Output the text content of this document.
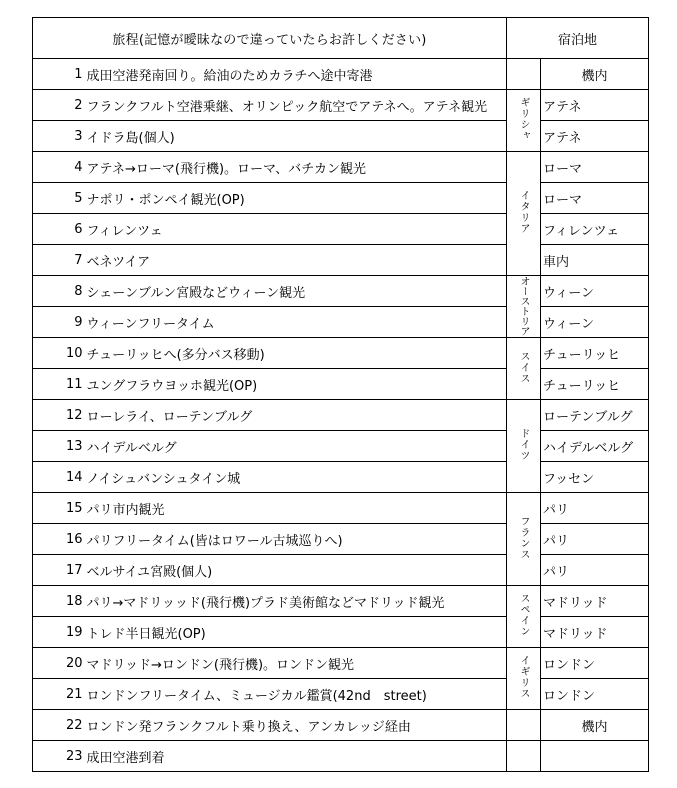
旅程(記憶が曖昧なので違っていたらお許しください)		宿泊地	
1	成田空港発南回り。給油のためカラチへ途中寄港		機内
2	フランクフルト空港乗継、オリンピック航空でアテネへ。アテネ観光	ギリシャ	アテネ
3	イドラ島(個人)		アテネ
4	アテネ→ローマ(飛行機)。ローマ、バチカン観光	イタリア	ローマ
5	ナポリ・ポンペイ観光(OP)		ローマ
6	フィレンツェ		フィレンツェ
7	ベネツイア		車内
8	シェーンブルン宮殿などウィーン観光	オーストリア	ウィーン
9	ウィーンフリータイム		ウィーン
10	チューリッヒへ(多分バス移動)	スイス	チューリッヒ
11	ユングフラウヨッホ観光(OP)		チューリッヒ
12	ローレライ、ローテンブルグ	ドイツ	ローテンブルグ
13	ハイデルベルグ		ハイデルベルグ
14	ノイシュバンシュタイン城		フッセン
15	パリ市内観光	フランス	パリ
16	パリフリータイム(皆はロワール古城巡りへ)		パリ
17	ベルサイユ宮殿(個人)		パリ
18	パリ→マドリッッド(飛行機)プラド美術館などマドリッド観光	スペイン	マドリッド
19	トレド半日観光(OP)		マドリッド
20	マドリッド→ロンドン(飛行機)。ロンドン観光	イギリス	ロンドン
21	ロンドンフリータイム、ミュージカル鑑賞(42nd　street)		ロンドン
22	ロンドン発フランクフルト乗り換え、アンカレッジ経由		機内
23	成田空港到着		
